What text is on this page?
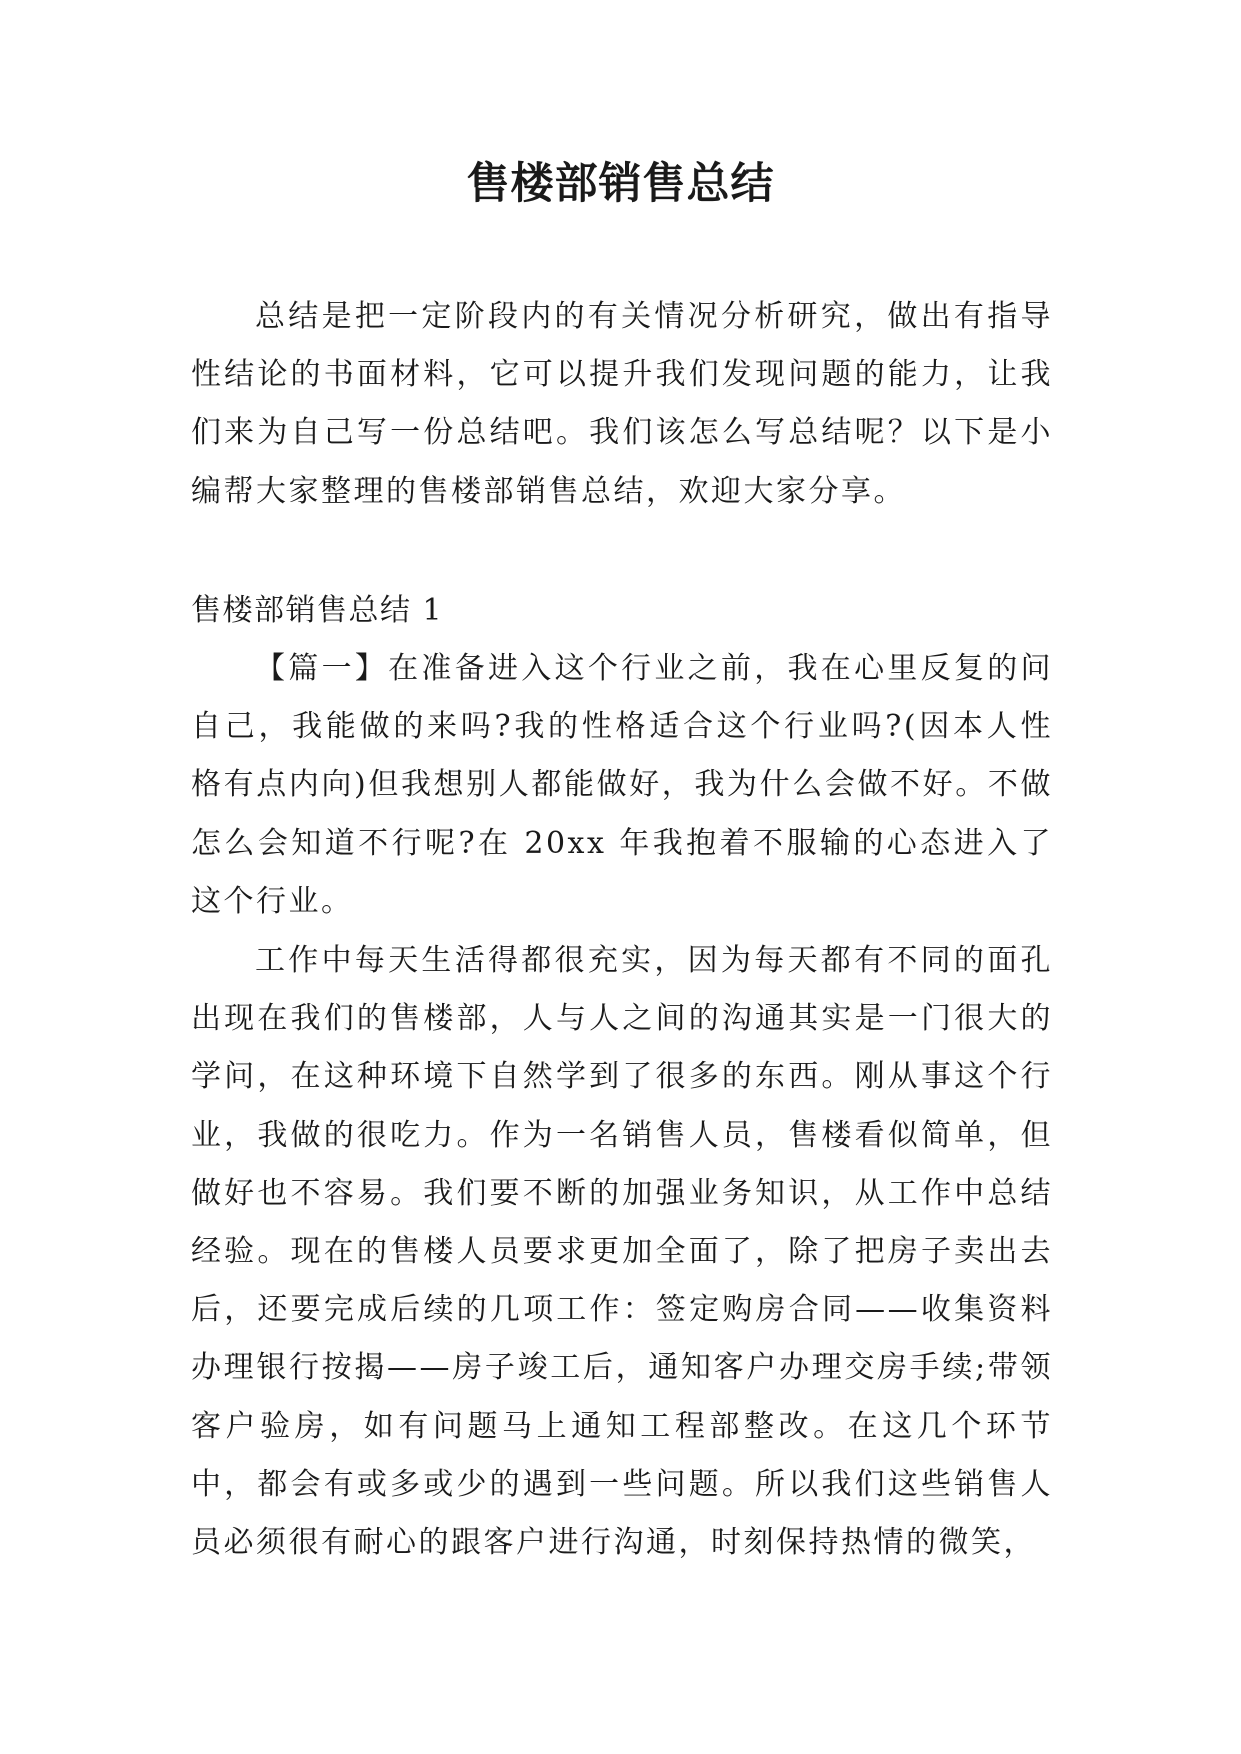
售楼部销售总结

总结是把一定阶段内的有关情况分析研究，做出有指导性结论的书面材料，它可以提升我们发现问题的能力，让我们来为自己写一份总结吧。我们该怎么写总结呢？以下是小编帮大家整理的售楼部销售总结，欢迎大家分享。

售楼部销售总结 1

【篇一】在准备进入这个行业之前，我在心里反复的问自己，我能做的来吗?我的性格适合这个行业吗?(因本人性格有点内向)但我想别人都能做好，我为什么会做不好。不做怎么会知道不行呢?在 20xx 年我抱着不服输的心态进入了这个行业。

工作中每天生活得都很充实，因为每天都有不同的面孔出现在我们的售楼部，人与人之间的沟通其实是一门很大的学问，在这种环境下自然学到了很多的东西。刚从事这个行业，我做的很吃力。作为一名销售人员，售楼看似简单，但做好也不容易。我们要不断的加强业务知识，从工作中总结经验。现在的售楼人员要求更加全面了，除了把房子卖出去后，还要完成后续的几项工作：签定购房合同——收集资料办理银行按揭——房子竣工后，通知客户办理交房手续;带领客户验房，如有问题马上通知工程部整改。在这几个环节中，都会有或多或少的遇到一些问题。所以我们这些销售人员必须很有耐心的跟客户进行沟通，时刻保持热情的微笑，
